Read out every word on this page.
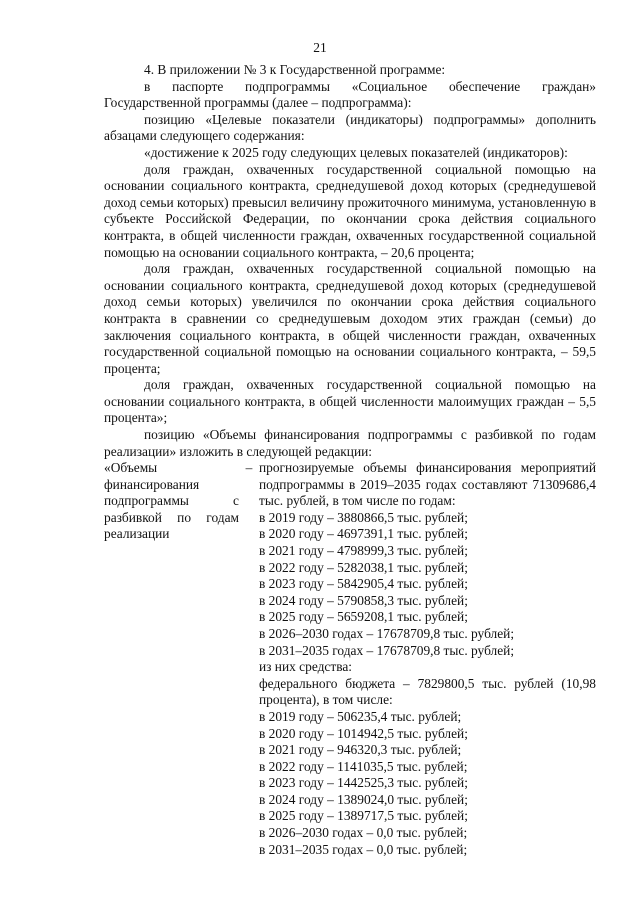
21

4. В приложении № 3 к Государственной программе:

в паспорте подпрограммы «Социальное обеспечение граждан» Государственной программы (далее – подпрограмма):

позицию «Целевые показатели (индикаторы) подпрограммы» дополнить абзацами следующего содержания:

«достижение к 2025 году следующих целевых показателей (индикаторов):

доля граждан, охваченных государственной социальной помощью на основании социального контракта, среднедушевой доход которых (среднедушевой доход семьи которых) превысил величину прожиточного минимума, установленную в субъекте Российской Федерации, по окончании срока действия социального контракта, в общей численности граждан, охваченных государственной социальной помощью на основании социального контракта, – 20,6 процента;

доля граждан, охваченных государственной социальной помощью на основании социального контракта, среднедушевой доход которых (среднедушевой доход семьи которых) увеличился по окончании срока действия социального контракта в сравнении со среднедушевым доходом этих граждан (семьи) до заключения социального контракта, в общей численности граждан, охваченных государственной социальной помощью на основании социального контракта, – 59,5 процента;

доля граждан, охваченных государственной социальной помощью на основании социального контракта, в общей численности малоимущих граждан – 5,5 процента»;

позицию «Объемы финансирования подпрограммы с разбивкой по годам реализации» изложить в следующей редакции:

«Объемы финансирования подпрограммы с разбивкой по годам реализации
– прогнозируемые объемы финансирования мероприятий подпрограммы в 2019–2035 годах составляют 71309686,4 тыс. рублей, в том числе по годам:
в 2019 году – 3880866,5 тыс. рублей;
в 2020 году – 4697391,1 тыс. рублей;
в 2021 году – 4798999,3 тыс. рублей;
в 2022 году – 5282038,1 тыс. рублей;
в 2023 году – 5842905,4 тыс. рублей;
в 2024 году – 5790858,3 тыс. рублей;
в 2025 году – 5659208,1 тыс. рублей;
в 2026–2030 годах – 17678709,8 тыс. рублей;
в 2031–2035 годах – 17678709,8 тыс. рублей;
из них средства:
федерального бюджета – 7829800,5 тыс. рублей (10,98 процента), в том числе:
в 2019 году – 506235,4 тыс. рублей;
в 2020 году – 1014942,5 тыс. рублей;
в 2021 году – 946320,3 тыс. рублей;
в 2022 году – 1141035,5 тыс. рублей;
в 2023 году – 1442525,3 тыс. рублей;
в 2024 году – 1389024,0 тыс. рублей;
в 2025 году – 1389717,5 тыс. рублей;
в 2026–2030 годах – 0,0 тыс. рублей;
в 2031–2035 годах – 0,0 тыс. рублей;
